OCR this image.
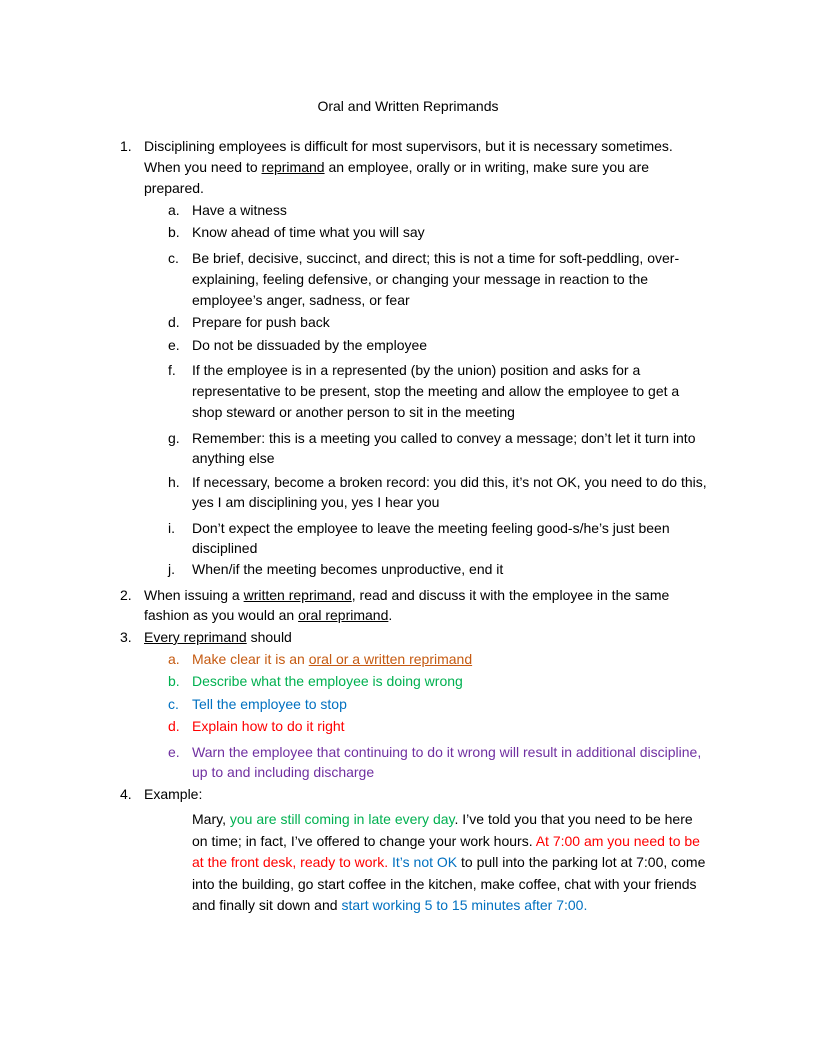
Oral and Written Reprimands
1. Disciplining employees is difficult for most supervisors, but it is necessary sometimes. When you need to reprimand an employee, orally or in writing, make sure you are prepared.
a. Have a witness
b. Know ahead of time what you will say
c. Be brief, decisive, succinct, and direct; this is not a time for soft-peddling, over-explaining, feeling defensive, or changing your message in reaction to the employee’s anger, sadness, or fear
d. Prepare for push back
e. Do not be dissuaded by the employee
f.	If the employee is in a represented (by the union) position and asks for a representative to be present, stop the meeting and allow the employee to get a shop steward or another person to sit in the meeting
g. Remember: this is a meeting you called to convey a message; don’t let it turn into anything else
h. If necessary, become a broken record: you did this, it’s not OK, you need to do this, yes I am disciplining you, yes I hear you
i.	Don’t expect the employee to leave the meeting feeling good-s/he’s just been disciplined
j.	When/if the meeting becomes unproductive, end it
2. When issuing a written reprimand, read and discuss it with the employee in the same fashion as you would an oral reprimand.
3. Every reprimand should
a. Make clear it is an oral or a written reprimand
b. Describe what the employee is doing wrong
c. Tell the employee to stop
d. Explain how to do it right
e. Warn the employee that continuing to do it wrong will result in additional discipline, up to and including discharge
4. Example:
Mary, you are still coming in late every day. I’ve told you that you need to be here on time; in fact, I’ve offered to change your work hours. At 7:00 am you need to be at the front desk, ready to work. It’s not OK to pull into the parking lot at 7:00, come into the building, go start coffee in the kitchen, make coffee, chat with your friends and finally sit down and start working 5 to 15 minutes after 7:00.
